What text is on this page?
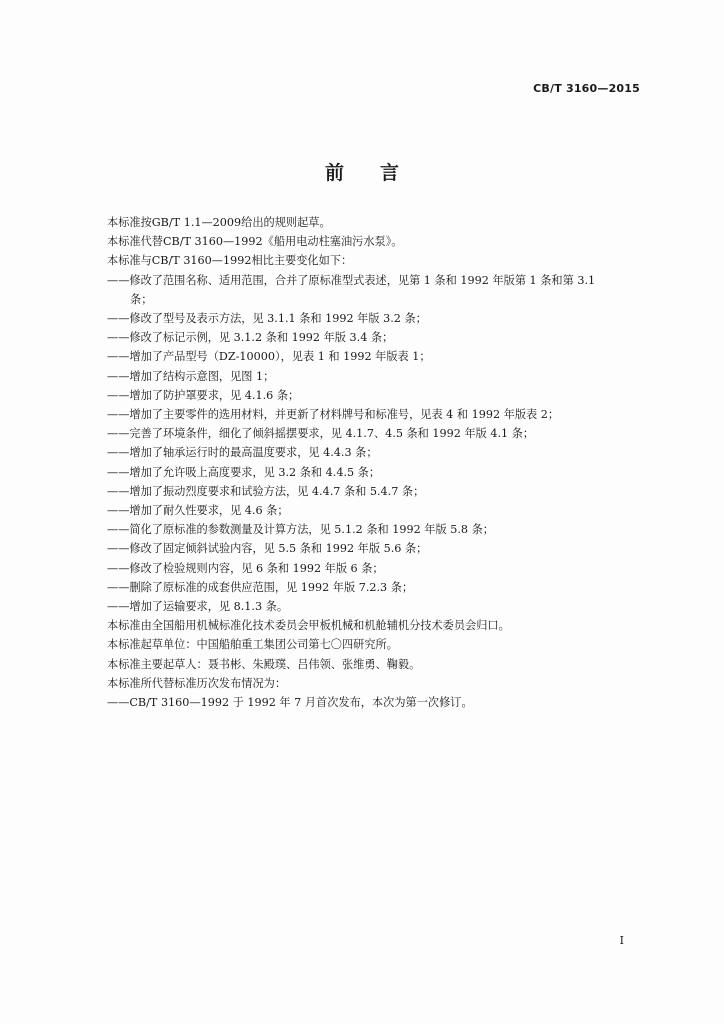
CB/T 3160—2015
前言
本标准按GB/T 1.1—2009给出的规则起草。
本标准代替CB/T 3160—1992《船用电动柱塞油污水泵》。
本标准与CB/T 3160—1992相比主要变化如下：
——修改了范围名称、适用范围，合并了原标准型式表述，见第 1 条和 1992 年版第 1 条和第 3.1
条；
——修改了型号及表示方法，见 3.1.1 条和 1992 年版 3.2 条；
——修改了标记示例，见 3.1.2 条和 1992 年版 3.4 条；
——增加了产品型号（DZ-10000），见表 1 和 1992 年版表 1；
——增加了结构示意图，见图 1；
——增加了防护罩要求，见 4.1.6 条；
——增加了主要零件的选用材料，并更新了材料牌号和标准号，见表 4 和 1992 年版表 2；
——完善了环境条件，细化了倾斜摇摆要求，见 4.1.7、4.5 条和 1992 年版 4.1 条；
——增加了轴承运行时的最高温度要求，见 4.4.3 条；
——增加了允许吸上高度要求，见 3.2 条和 4.4.5 条；
——增加了振动烈度要求和试验方法，见 4.4.7 条和 5.4.7 条；
——增加了耐久性要求，见 4.6 条；
——简化了原标准的参数测量及计算方法，见 5.1.2 条和 1992 年版 5.8 条；
——修改了固定倾斜试验内容，见 5.5 条和 1992 年版 5.6 条；
——修改了检验规则内容，见 6 条和 1992 年版 6 条；
——删除了原标准的成套供应范围，见 1992 年版 7.2.3 条；
——增加了运输要求，见 8.1.3 条。
本标准由全国船用机械标准化技术委员会甲板机械和机舱辅机分技术委员会归口。
本标准起草单位：中国船舶重工集团公司第七〇四研究所。
本标准主要起草人：聂书彬、朱殿璞、吕伟领、张维勇、鞠毅。
本标准所代替标准历次发布情况为：
——CB/T 3160—1992 于 1992 年 7 月首次发布，本次为第一次修订。
I
